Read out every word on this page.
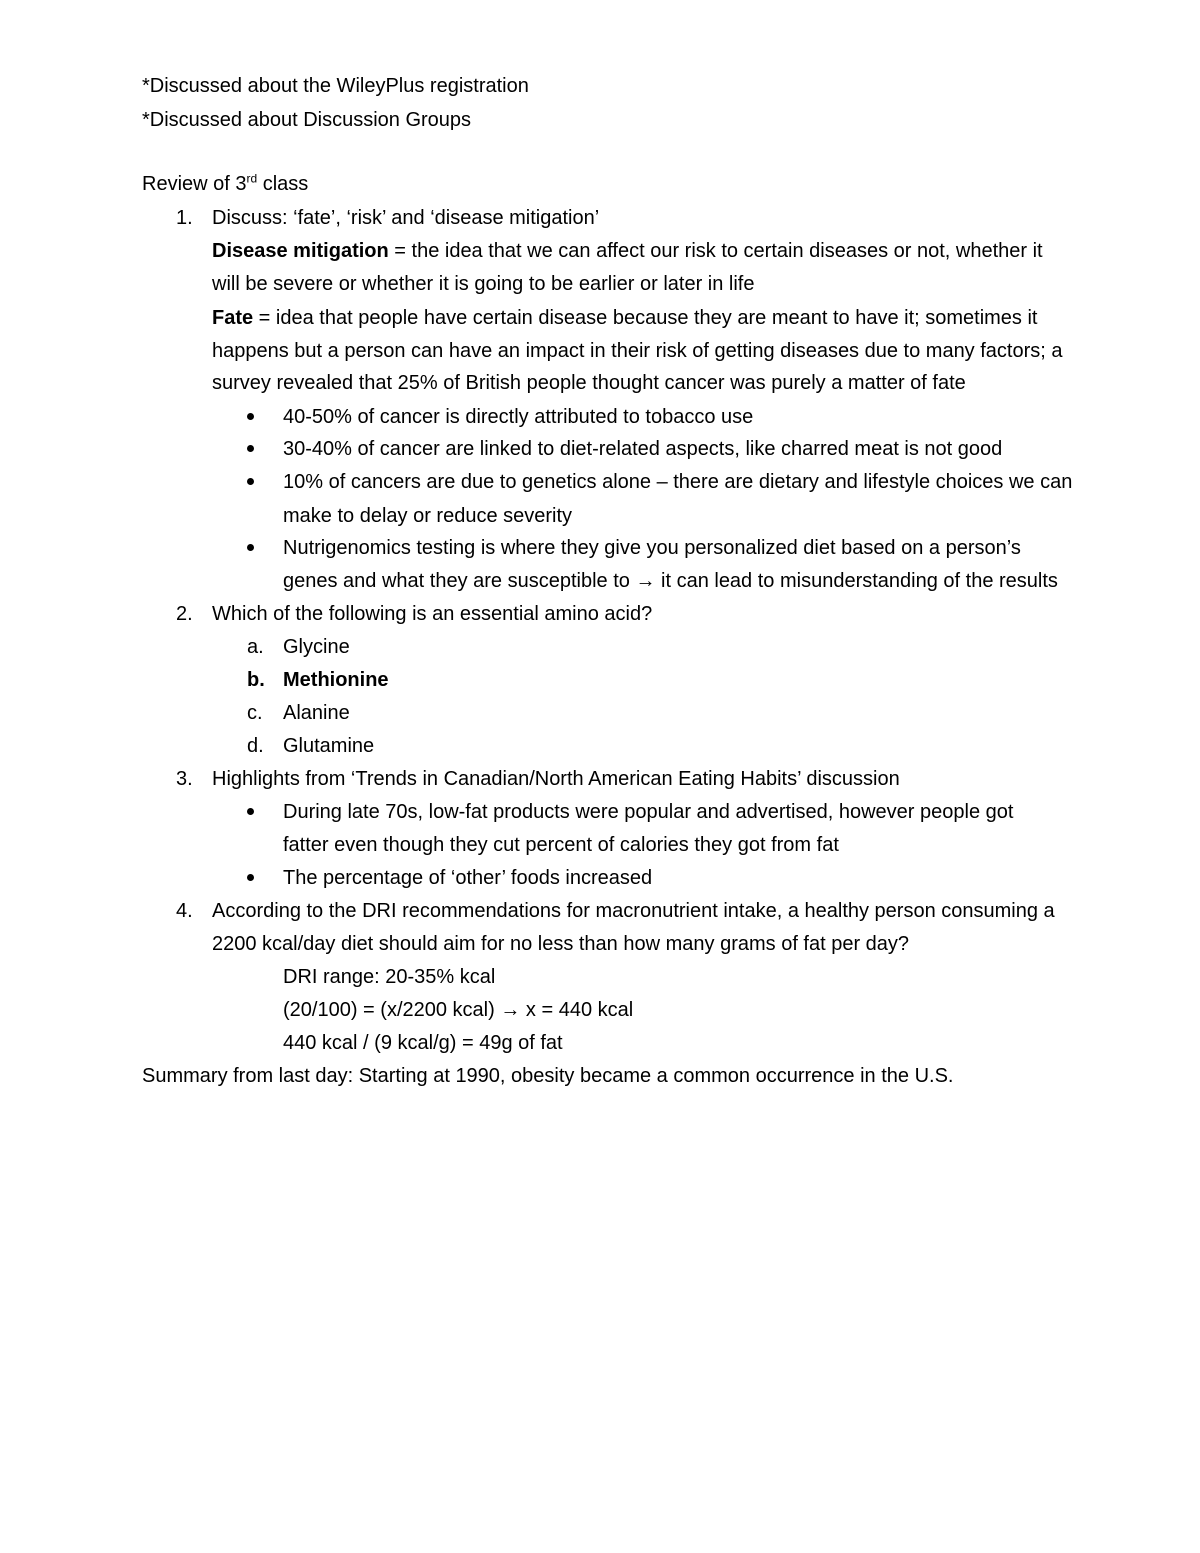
*Discussed about the WileyPlus registration
*Discussed about Discussion Groups
Review of 3rd class
1. Discuss: ‘fate’, ‘risk’ and ‘disease mitigation’
Disease mitigation = the idea that we can affect our risk to certain diseases or not, whether it
will be severe or whether it is going to be earlier or later in life
Fate = idea that people have certain disease because they are meant to have it; sometimes it
happens but a person can have an impact in their risk of getting diseases due to many factors; a
survey revealed that 25% of British people thought cancer was purely a matter of fate
40-50% of cancer is directly attributed to tobacco use
30-40% of cancer are linked to diet-related aspects, like charred meat is not good
10% of cancers are due to genetics alone – there are dietary and lifestyle choices we can
make to delay or reduce severity
Nutrigenomics testing is where they give you personalized diet based on a person’s
genes and what they are susceptible to → it can lead to misunderstanding of the results
2. Which of the following is an essential amino acid?
a. Glycine
b. Methionine
c. Alanine
d. Glutamine
3. Highlights from ‘Trends in Canadian/North American Eating Habits’ discussion
During late 70s, low-fat products were popular and advertised, however people got
fatter even though they cut percent of calories they got from fat
The percentage of ‘other’ foods increased
4. According to the DRI recommendations for macronutrient intake, a healthy person consuming a
2200 kcal/day diet should aim for no less than how many grams of fat per day?
DRI range: 20-35% kcal
(20/100) = (x/2200 kcal) → x = 440 kcal
440 kcal / (9 kcal/g) = 49g of fat
Summary from last day: Starting at 1990, obesity became a common occurrence in the U.S.
